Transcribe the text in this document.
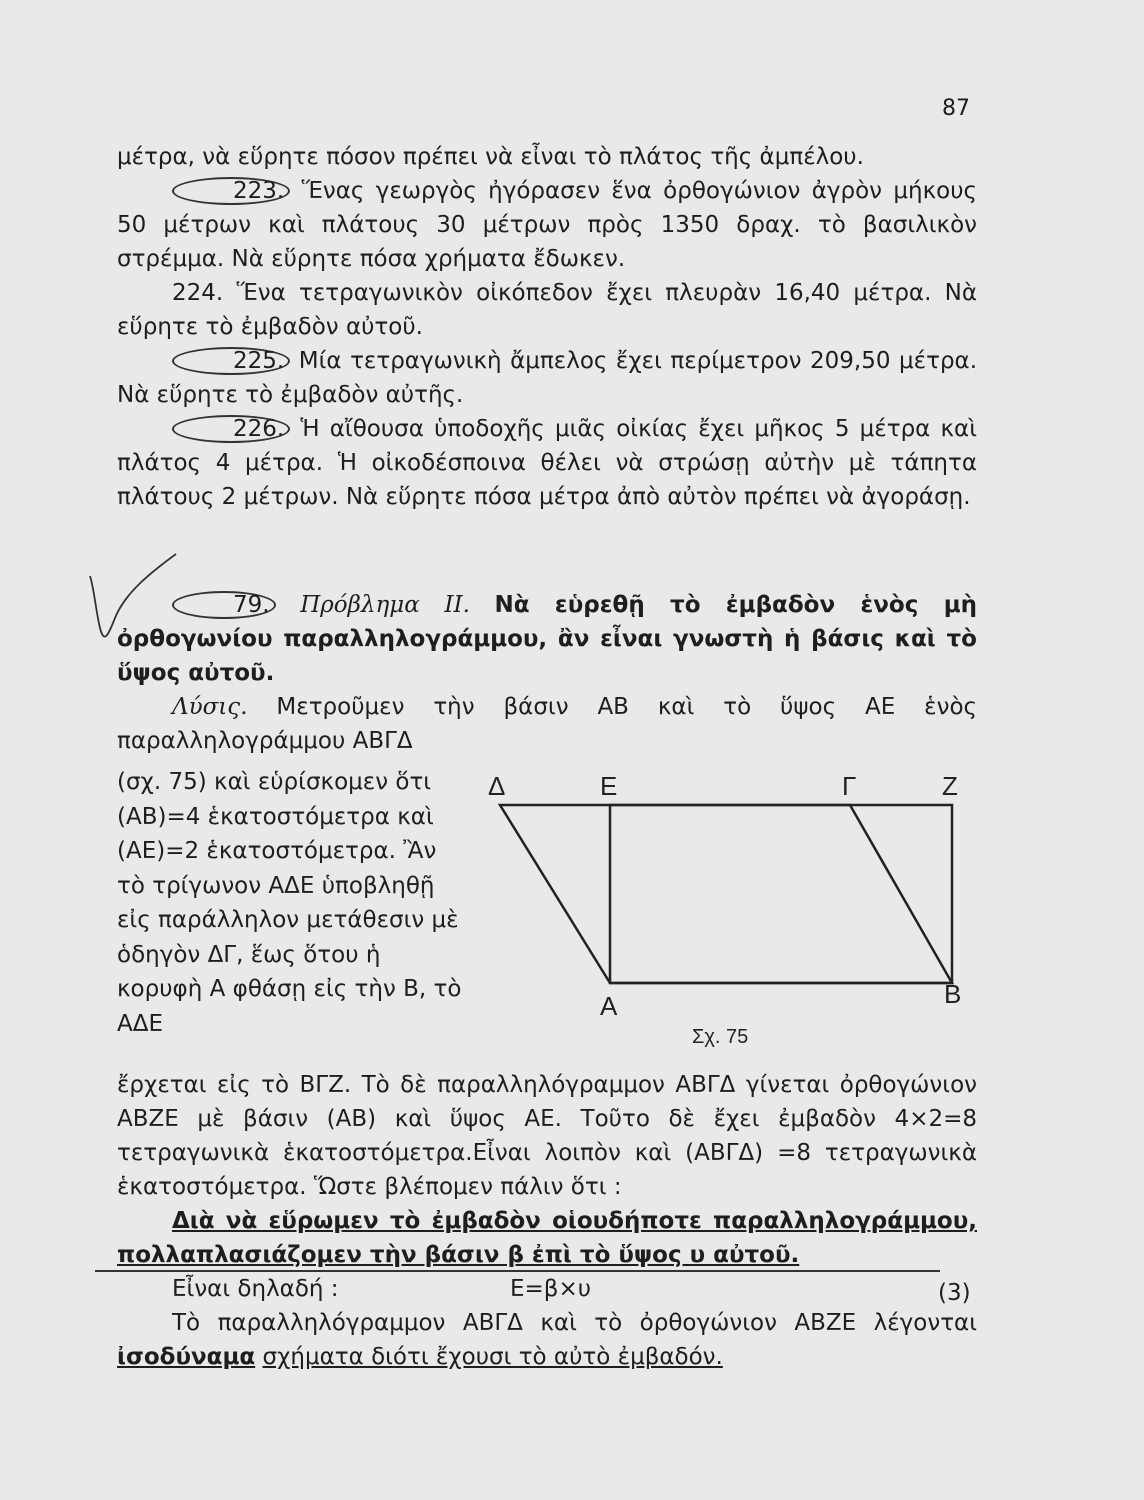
87
μέτρα, νὰ εὕρητε πόσον πρέπει νὰ εἶναι τὸ πλάτος τῆς ἀμπέλου.
223. Ἕνας γεωργὸς ἠγόρασεν ἕνα ὀρθογώνιον ἀγρὸν μήκους 50 μέτρων καὶ πλάτους 30 μέτρων πρὸς 1350 δραχ. τὸ βασιλικὸν στρέμμα. Νὰ εὕρητε πόσα χρήματα ἔδωκεν.
224. Ἕνα τετραγωνικὸν οἰκόπεδον ἔχει πλευρὰν 16,40 μέτρα. Νὰ εὕρητε τὸ ἐμβαδὸν αὐτοῦ.
225. Μία τετραγωνικὴ ἄμπελος ἔχει περίμετρον 209,50 μέτρα. Νὰ εὕρητε τὸ ἐμβαδὸν αὐτῆς.
226. Ἡ αἴθουσα ὑποδοχῆς μιᾶς οἰκίας ἔχει μῆκος 5 μέτρα καὶ πλάτος 4 μέτρα. Ἡ οἰκοδέσποινα θέλει νὰ στρώσῃ αὐτὴν μὲ τάπητα πλάτους 2 μέτρων. Νὰ εὕρητε πόσα μέτρα ἀπὸ αὐτὸν πρέπει νὰ ἀγοράσῃ.
79. Πρόβλημα ΙΙ. Νὰ εὑρεθῇ τὸ ἐμβαδὸν ἑνὸς μὴ ὀρθογωνίου παραλληλογράμμου, ἂν εἶναι γνωστὴ ἡ βάσις καὶ τὸ ὕψος αὐτοῦ.
Λύσις. Μετροῦμεν τὴν βάσιν ΑΒ καὶ τὸ ὕψος ΑΕ ἑνὸς παραλληλογράμμου ΑΒΓΔ
(σχ. 75) καὶ εὑρίσκομεν ὅτι (ΑΒ)=4 ἑκατοστόμετρα καὶ (ΑΕ)=2 ἑκατοστόμετρα. Ἂν τὸ τρίγωνον ΑΔΕ ὑποβληθῇ εἰς παράλληλον μετάθεσιν μὲ ὁδηγὸν ΔΓ, ἕως ὅτου ἡ κορυφὴ Α φθάσῃ εἰς τὴν Β, τὸ ΑΔΕ
Δ	Ε	Γ	Ζ
Α	Β
Σχ. 75
ἔρχεται εἰς τὸ ΒΓΖ. Τὸ δὲ παραλληλόγραμμον ΑΒΓΔ γίνεται ὀρθογώνιον ΑΒΖΕ μὲ βάσιν (ΑΒ) καὶ ὕψος ΑΕ. Τοῦτο δὲ ἔχει ἐμβαδὸν 4×2=8 τετραγωνικὰ ἑκατοστόμετρα.Εἶναι λοιπὸν καὶ (ΑΒΓΔ) =8 τετραγωνικὰ ἑκατοστόμετρα. Ὥστε βλέπομεν πάλιν ὅτι :
Διὰ νὰ εὕρωμεν τὸ ἐμβαδὸν οἱουδήποτε παραλληλογράμμου, πολλαπλασιάζομεν τὴν βάσιν β ἐπὶ τὸ ὕψος υ αὐτοῦ.
Εἶναι δηλαδή :	Ε=β×υ	(3)
Τὸ παραλληλόγραμμον ΑΒΓΔ καὶ τὸ ὀρθογώνιον ΑΒΖΕ λέγονται ἰσοδύναμα σχήματα διότι ἔχουσι τὸ αὐτὸ ἐμβαδόν.
